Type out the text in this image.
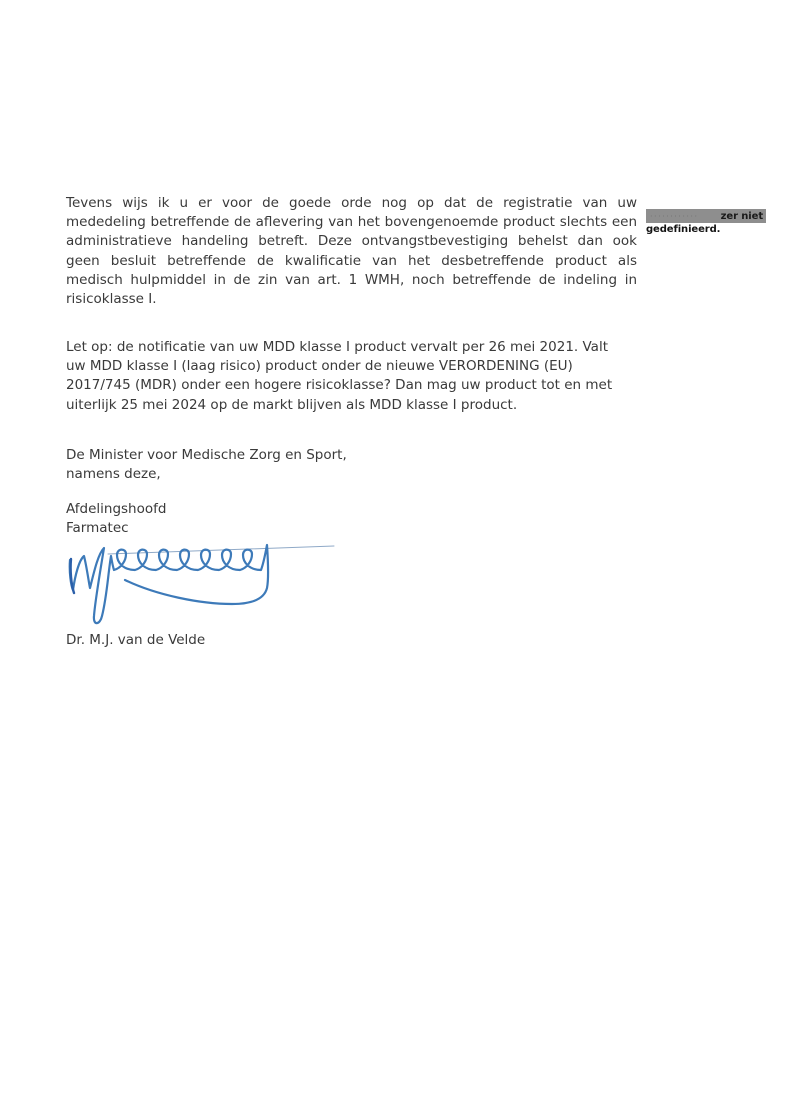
Tevens wijs ik u er voor de goede orde nog op dat de registratie van uw
mededeling betreffende de aflevering van het bovengenoemde product slechts een
administratieve handeling betreft. Deze ontvangstbevestiging behelst dan ook
geen besluit betreffende de kwalificatie van het desbetreffende product als
medisch hulpmiddel in de zin van art. 1 WMH, noch betreffende de indeling in
risicoklasse I.
············ zer niet
gedefinieerd.
Let op: de notificatie van uw MDD klasse I product vervalt per 26 mei 2021. Valt
uw MDD klasse I (laag risico) product onder de nieuwe VERORDENING (EU)
2017/745 (MDR) onder een hogere risicoklasse? Dan mag uw product tot en met
uiterlijk 25 mei 2024 op de markt blijven als MDD klasse I product.
De Minister voor Medische Zorg en Sport,
namens deze,
Afdelingshoofd
Farmatec
Dr. M.J. van de Velde
